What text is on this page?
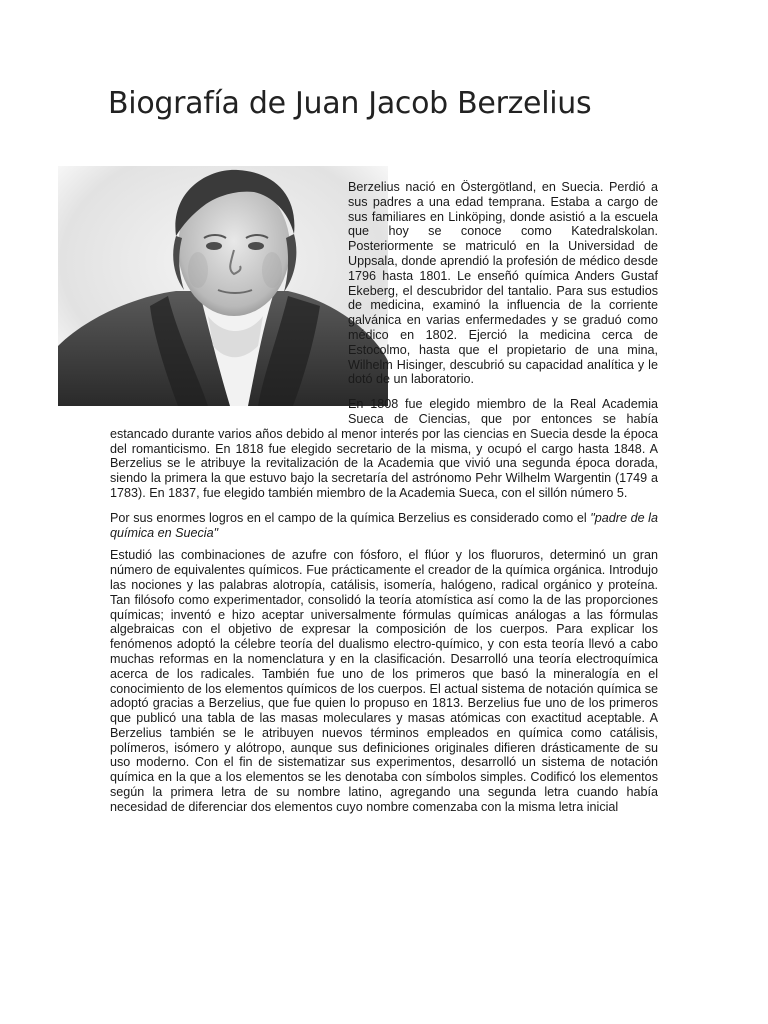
Biografía de Juan Jacob Berzelius

Berzelius nació en Östergötland, en Suecia. Perdió a sus padres a una edad temprana. Estaba a cargo de sus familiares en Linköping, donde asistió a la escuela que hoy se conoce como Katedralskolan. Posteriormente se matriculó en la Universidad de Uppsala, donde aprendió la profesión de médico desde 1796 hasta 1801. Le enseñó química Anders Gustaf Ekeberg, el descubridor del tantalio. Para sus estudios de medicina, examinó la influencia de la corriente galvánica en varias enfermedades y se graduó como médico en 1802. Ejerció la medicina cerca de Estocolmo, hasta que el propietario de una mina, Wilhelm Hisinger, descubrió su capacidad analítica y le dotó de un laboratorio.

En 1808 fue elegido miembro de la Real Academia Sueca de Ciencias, que por entonces se había estancado durante varios años debido al menor interés por las ciencias en Suecia desde la época del romanticismo. En 1818 fue elegido secretario de la misma, y ocupó el cargo hasta 1848. A Berzelius se le atribuye la revitalización de la Academia que vivió una segunda época dorada, siendo la primera la que estuvo bajo la secretaría del astrónomo Pehr Wilhelm Wargentin (1749 a 1783). En 1837, fue elegido también miembro de la Academia Sueca, con el sillón número 5.

Por sus enormes logros en el campo de la química Berzelius es considerado como el "padre de la química en Suecia"

Estudió las combinaciones de azufre con fósforo, el flúor y los fluoruros, determinó un gran número de equivalentes químicos. Fue prácticamente el creador de la química orgánica. Introdujo las nociones y las palabras alotropía, catálisis, isomería, halógeno, radical orgánico y proteína. Tan filósofo como experimentador, consolidó la teoría atomística así como la de las proporciones químicas; inventó e hizo aceptar universalmente fórmulas químicas análogas a las fórmulas algebraicas con el objetivo de expresar la composición de los cuerpos. Para explicar los fenómenos adoptó la célebre teoría del dualismo electro-químico, y con esta teoría llevó a cabo muchas reformas en la nomenclatura y en la clasificación. Desarrolló una teoría electroquímica acerca de los radicales. También fue uno de los primeros que basó la mineralogía en el conocimiento de los elementos químicos de los cuerpos. El actual sistema de notación química se adoptó gracias a Berzelius, que fue quien lo propuso en 1813. Berzelius fue uno de los primeros que publicó una tabla de las masas moleculares y masas atómicas con exactitud aceptable. A Berzelius también se le atribuyen nuevos términos empleados en química como catálisis, polímeros, isómero y alótropo, aunque sus definiciones originales difieren drásticamente de su uso moderno. Con el fin de sistematizar sus experimentos, desarrolló un sistema de notación química en la que a los elementos se les denotaba con símbolos simples. Codificó los elementos según la primera letra de su nombre latino, agregando una segunda letra cuando había necesidad de diferenciar dos elementos cuyo nombre comenzaba con la misma letra inicial
